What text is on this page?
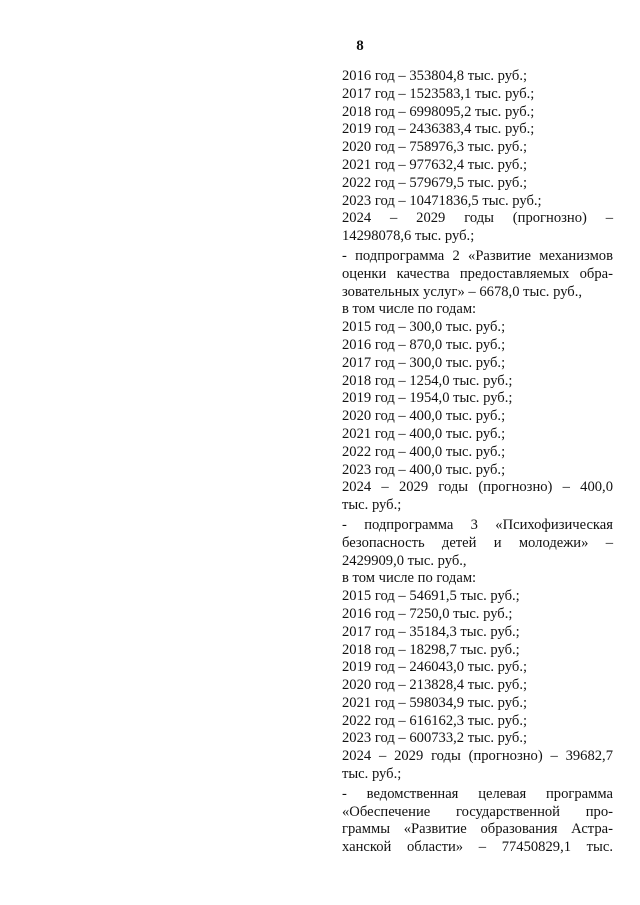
8
2016 год – 353804,8 тыс. руб.;
2017 год – 1523583,1 тыс. руб.;
2018 год – 6998095,2 тыс. руб.;
2019 год – 2436383,4 тыс. руб.;
2020 год – 758976,3 тыс. руб.;
2021 год – 977632,4 тыс. руб.;
2022 год – 579679,5 тыс. руб.;
2023 год – 10471836,5 тыс. руб.;
2024 – 2029 годы (прогнозно) –
14298078,6 тыс. руб.;
- подпрограмма 2 «Развитие механизмов
оценки качества предоставляемых обра-
зовательных услуг» – 6678,0 тыс. руб.,
в том числе по годам:
2015 год – 300,0 тыс. руб.;
2016 год – 870,0 тыс. руб.;
2017 год – 300,0 тыс. руб.;
2018 год – 1254,0 тыс. руб.;
2019 год – 1954,0 тыс. руб.;
2020 год – 400,0 тыс. руб.;
2021 год – 400,0 тыс. руб.;
2022 год – 400,0 тыс. руб.;
2023 год – 400,0 тыс. руб.;
2024 – 2029 годы (прогнозно) – 400,0
тыс. руб.;
- подпрограмма 3 «Психофизическая
безопасность детей и молодежи» –
2429909,0 тыс. руб.,
в том числе по годам:
2015 год – 54691,5 тыс. руб.;
2016 год – 7250,0 тыс. руб.;
2017 год – 35184,3 тыс. руб.;
2018 год – 18298,7 тыс. руб.;
2019 год – 246043,0 тыс. руб.;
2020 год – 213828,4 тыс. руб.;
2021 год – 598034,9 тыс. руб.;
2022 год – 616162,3 тыс. руб.;
2023 год – 600733,2 тыс. руб.;
2024 – 2029 годы (прогнозно) – 39682,7
тыс. руб.;
- ведомственная целевая программа
«Обеспечение государственной про-
граммы «Развитие образования Астра-
ханской области» – 77450829,1 тыс.
